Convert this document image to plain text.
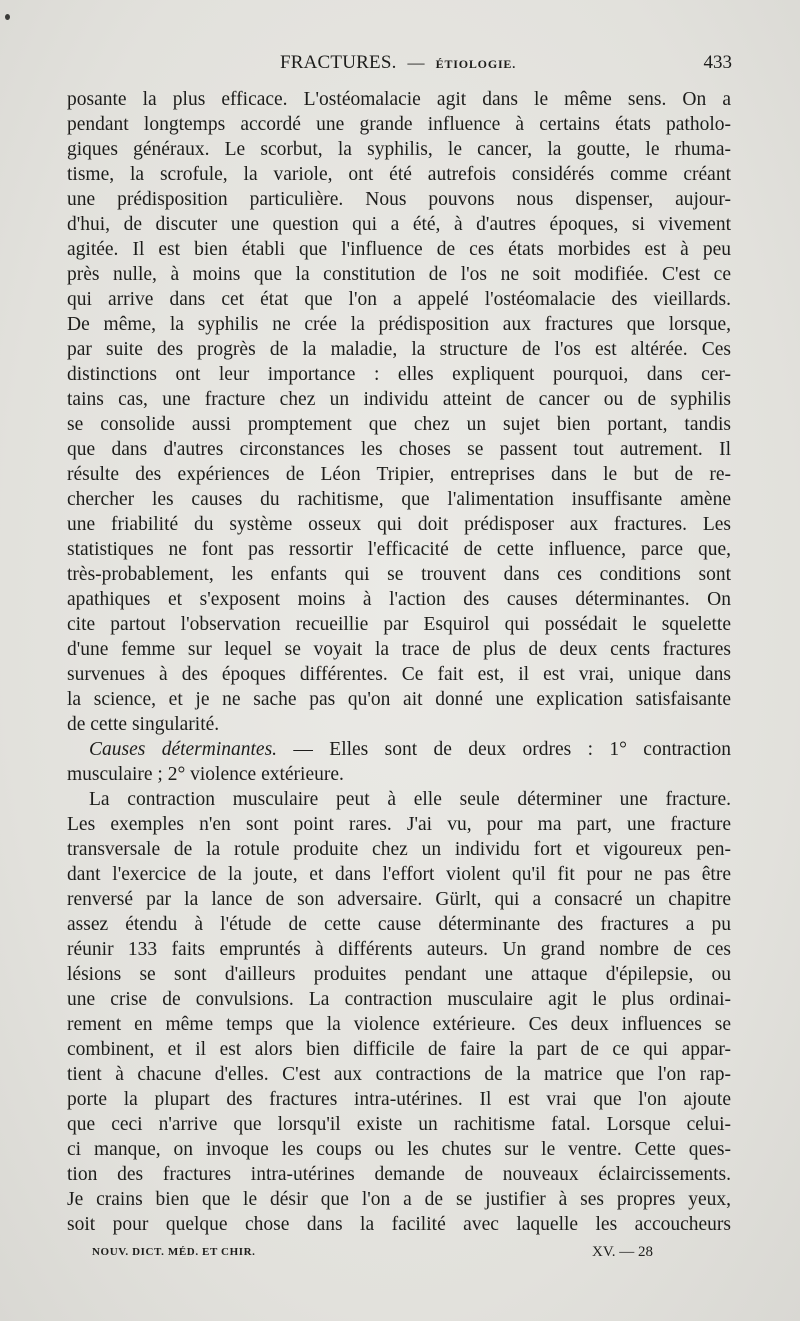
FRACTURES. — ÉTIOLOGIE.	433
posante la plus efficace. L'ostéomalacie agit dans le même sens. On a
pendant longtemps accordé une grande influence à certains états patholo-
giques généraux. Le scorbut, la syphilis, le cancer, la goutte, le rhuma-
tisme, la scrofule, la variole, ont été autrefois considérés comme créant
une prédisposition particulière. Nous pouvons nous dispenser, aujour-
d'hui, de discuter une question qui a été, à d'autres époques, si vivement
agitée. Il est bien établi que l'influence de ces états morbides est à peu
près nulle, à moins que la constitution de l'os ne soit modifiée. C'est ce
qui arrive dans cet état que l'on a appelé l'ostéomalacie des vieillards.
De même, la syphilis ne crée la prédisposition aux fractures que lorsque,
par suite des progrès de la maladie, la structure de l'os est altérée. Ces
distinctions ont leur importance : elles expliquent pourquoi, dans cer-
tains cas, une fracture chez un individu atteint de cancer ou de syphilis
se consolide aussi promptement que chez un sujet bien portant, tandis
que dans d'autres circonstances les choses se passent tout autrement. Il
résulte des expériences de Léon Tripier, entreprises dans le but de re-
chercher les causes du rachitisme, que l'alimentation insuffisante amène
une friabilité du système osseux qui doit prédisposer aux fractures. Les
statistiques ne font pas ressortir l'efficacité de cette influence, parce que,
très-probablement, les enfants qui se trouvent dans ces conditions sont
apathiques et s'exposent moins à l'action des causes déterminantes. On
cite partout l'observation recueillie par Esquirol qui possédait le squelette
d'une femme sur lequel se voyait la trace de plus de deux cents fractures
survenues à des époques différentes. Ce fait est, il est vrai, unique dans
la science, et je ne sache pas qu'on ait donné une explication satisfaisante
de cette singularité.
Causes déterminantes. — Elles sont de deux ordres : 1° contraction
musculaire ; 2° violence extérieure.
La contraction musculaire peut à elle seule déterminer une fracture.
Les exemples n'en sont point rares. J'ai vu, pour ma part, une fracture
transversale de la rotule produite chez un individu fort et vigoureux pen-
dant l'exercice de la joute, et dans l'effort violent qu'il fit pour ne pas être
renversé par la lance de son adversaire. Gürlt, qui a consacré un chapitre
assez étendu à l'étude de cette cause déterminante des fractures a pu
réunir 133 faits empruntés à différents auteurs. Un grand nombre de ces
lésions se sont d'ailleurs produites pendant une attaque d'épilepsie, ou
une crise de convulsions. La contraction musculaire agit le plus ordinai-
rement en même temps que la violence extérieure. Ces deux influences se
combinent, et il est alors bien difficile de faire la part de ce qui appar-
tient à chacune d'elles. C'est aux contractions de la matrice que l'on rap-
porte la plupart des fractures intra-utérines. Il est vrai que l'on ajoute
que ceci n'arrive que lorsqu'il existe un rachitisme fatal. Lorsque celui-
ci manque, on invoque les coups ou les chutes sur le ventre. Cette ques-
tion des fractures intra-utérines demande de nouveaux éclaircissements.
Je crains bien que le désir que l'on a de se justifier à ses propres yeux,
soit pour quelque chose dans la facilité avec laquelle les accoucheurs
NOUV. DICT. MÉD. ET CHIR.	XV. — 28
